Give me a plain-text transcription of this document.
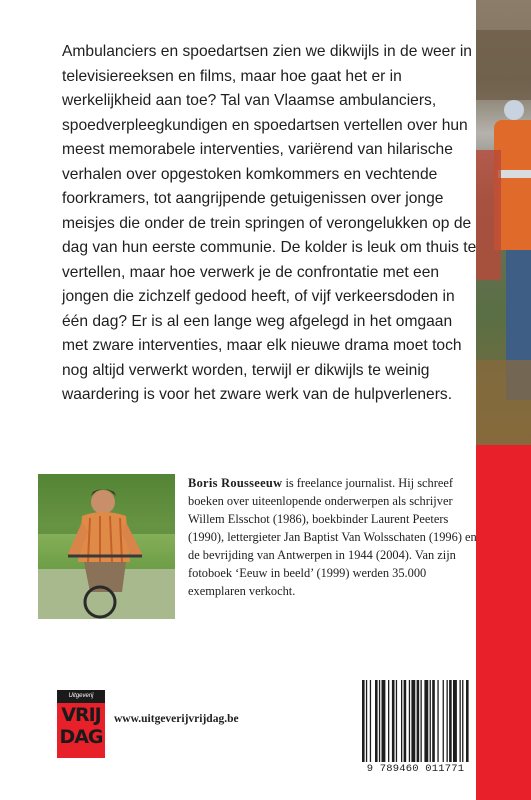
Ambulanciers en spoedartsen zien we dikwijls in de weer in televisiereeksen en films, maar hoe gaat het er in werkelijkheid aan toe? Tal van Vlaamse ambulanciers, spoedverpleegkundigen en spoedartsen vertellen over hun meest memorabele interventies, variërend van hilarische verhalen over opgestoken komkommers en vechtende foorkramers, tot aangrijpende getuigenissen over jonge meisjes die onder de trein springen of verongelukken op de dag van hun eerste communie. De kolder is leuk om thuis te vertellen, maar hoe verwerk je de confrontatie met een jongen die zichzelf gedood heeft, of vijf verkeersdoden in één dag? Er is al een lange weg afgelegd in het omgaan met zware interventies, maar elk nieuwe drama moet toch nog altijd verwerkt worden, terwijl er dikwijls te weinig waardering is voor het zware werk van de hulpverleners.

Boris Rousseeuw is freelance journalist. Hij schreef boeken over uiteenlopende onderwerpen als schrijver Willem Elsschot (1986), boekbinder Laurent Peeters (1990), lettergieter Jan Baptist Van Wolsschaten (1996) en de bevrijding van Antwerpen in 1944 (2004). Van zijn fotoboek ‘Eeuw in beeld’ (1999) werden 35.000 exemplaren verkocht.
Uitgeverij
VRIJ
DAG
www.uitgeverijvrijdag.be
9 789460 011771
